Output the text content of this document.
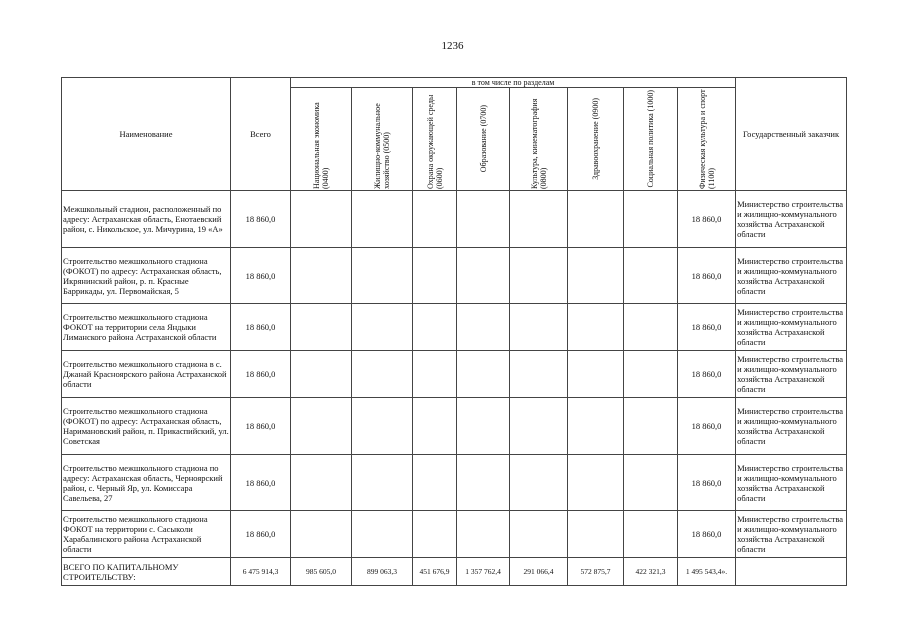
1236
Наименование	Всего	в том числе по разделам								Государственный заказчик

		Национальная экономика (0400)	Жилищно-коммунальное хозяйство (0500)	Охрана окружающей среды (0600)	Образование (0700)	Культура, кинематография (0800)	Здравоохранение (0900)	Социальная политика (1000)	Физическая культура и спорт (1100)	

Межшкольный стадион, расположенный по адресу: Астраханская область, Енотаевский район, с. Никольское, ул. Мичурина, 19 «А»	18 860,0								18 860,0	Министерство строительства и жилищно-коммунального хозяйства Астраханской области
Строительство межшкольного стадиона (ФОКОТ) по адресу: Астраханская область, Икрянинский район, р. п. Красные Баррикады, ул. Первомайская, 5	18 860,0								18 860,0	Министерство строительства и жилищно-коммунального хозяйства Астраханской области
Строительство межшкольного стадиона ФОКОТ на территории села Яндыки Лиманского района Астраханской области	18 860,0								18 860,0	Министерство строительства и жилищно-коммунального хозяйства Астраханской области
Строительство межшкольного стадиона в с. Джанай Красноярского района Астраханской области	18 860,0								18 860,0	Министерство строительства и жилищно-коммунального хозяйства Астраханской области
Строительство межшкольного стадиона (ФОКОТ) по адресу: Астраханская область, Наримановский район, п. Прикаспийский, ул. Советская	18 860,0								18 860,0	Министерство строительства и жилищно-коммунального хозяйства Астраханской области
Строительство межшкольного стадиона по адресу: Астраханская область, Черноярский район, с. Черный Яр, ул. Комиссара Савельева, 27	18 860,0								18 860,0	Министерство строительства и жилищно-коммунального хозяйства Астраханской области
Строительство межшкольного стадиона ФОКОТ на территории с. Сасыколи Харабалинского района Астраханской области	18 860,0								18 860,0	Министерство строительства и жилищно-коммунального хозяйства Астраханской области
ВСЕГО ПО КАПИТАЛЬНОМУ СТРОИТЕЛЬСТВУ:	6 475 914,3	985 605,0	899 063,3	451 676,9	1 357 762,4	291 066,4	572 875,7	422 321,3	1 495 543,4».	
